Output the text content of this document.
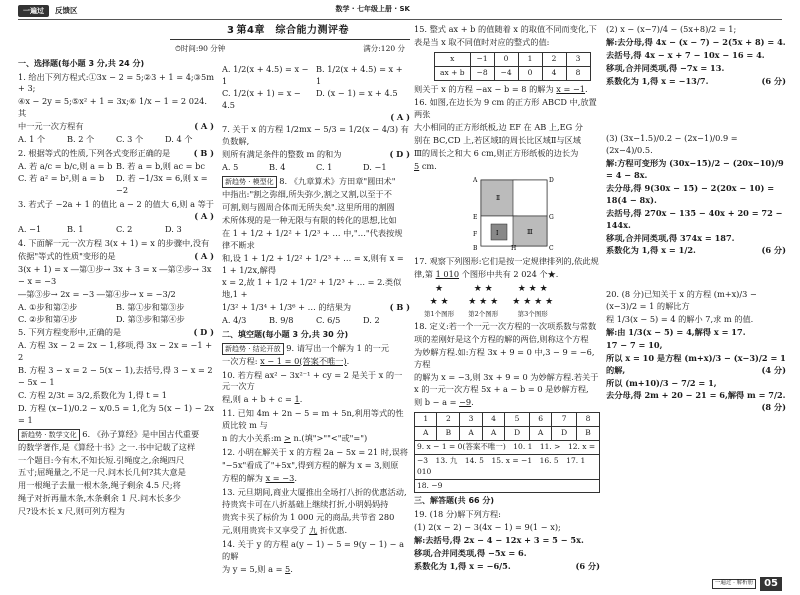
一遍过	反馈区	数学 · 七年级上册 · SK
一、选择题(每小题 3 分,共 24 分)

1. 给出下列方程式:①3x − 2 = 5;②3 + 1 = 4;③5m + 3;

④x − 2y = 5;⑤x² + 1 = 3x;⑥ 1/x − 1 = 2 024. 其

中一元一次方程有	( A )

A. 1 个	B. 2 个	C. 3 个	D. 4 个

2. 根据等式的性质,下列各式变形正确的是	( B )

A. 若 a/c = b/c,则 a = b B. 若 a = b,则 ac = bc
C. 若 a² = b²,则 a = b	D. 若 −1/3x = 6,则 x = −2

3. 若式子 −2a + 1 的值比 a − 2 的值大 6,则 a 等于

( A )

A. −1	B. 1	C. 2	D. 3

4. 下面解一元一次方程 3(x + 1) = x 的步骤中,没有

依据"等式的性质"变形的是	( A )

3(x + 1) = x ―第①步→ 3x + 3 = x ―第②步→ 3x − x = −3

―第③步→ 2x = −3 ―第④步→ x = −3/2

A. ①步和第②步	B. 第①步和第③步
C. ②步和第④步	D. 第③步和第④步

5. 下列方程变形中,正确的是	( D )

A. 方程 3x − 2 = 2x − 1,移项,得 3x − 2x = −1 + 2

B. 方程 3 − x = 2 − 5(x − 1),去括号,得 3 − x = 2 − 5x − 1

C. 方程 2/3t = 3/2,系数化为 1,得 t = 1

D. 方程 (x−1)/0.2 − x/0.5 = 1,化为 5(x − 1) − 2x = 1

新趋势 · 数学文化 6. 《孙子算经》是中国古代重要

的数学著作,是《算经十书》之一.书中记载了这样

一个题目:今有木,不知长短.引绳度之,余绳四尺

五寸;屈绳量之,不足一尺.问木长几何?其大意是

用一根绳子去量一根木条,绳子剩余 4.5 尺;将

绳子对折再量木条,木条剩余 1 尺.问木长多少

尺?设木长 x 尺,则可列方程为

3 第4章　综合能力测评卷
⏱时间:90 分钟	满分:120 分
A. 1/2(x + 4.5) = x − 1
B. 1/2(x + 4.5) = x + 1
C. 1/2(x + 1) = x − 4.5
D. (x − 1) = x + 4.5

( A )

7. 关于 x 的方程 1/2mx − 5/3 = 1/2(x − 4/3) 有负数解,

则所有满足条件的整数 m 的和为	( D )

A. 5	B. 4	C. 1	D. −1

新趋势 · 模型化 8. 《九章算术》方田章"圆田术"

中指出:"割之弥细,所失弥少,割之又割,以至于不

可割,则与圆周合体而无所失矣".这里所用的割圆

术所体现的是一种无限与有限的转化的思想,比如

在 1 + 1/2 + 1/2² + 1/2³ + … 中,"…"代表按规律不断求

和,设 1 + 1/2 + 1/2² + 1/2³ + … = x,则有 x = 1 + 1/2x,解得

x = 2,故 1 + 1/2 + 1/2² + 1/2³ + … = 2.类似地,1 +

1/3² + 1/3⁴ + 1/3⁶ + … 的结果为	( B )

A. 4/3	B. 9/8	C. 6/5	D. 2
二、填空题(每小题 3 分,共 30 分)

新趋势 · 结论开放 9. 请写出一个解为 1 的一元

一次方程: x − 1 = 0(答案不唯一).

10. 若方程 ax² − 3x²⁻¹ + cy = 2 是关于 x 的一元一次方

程,则 a + b + c = 1.

11. 已知 4m + 2n − 5 = m + 5n,利用等式的性质比较 m 与

n 的大小关系:m > n.(填">""<"或"=")

12. 小明在解关于 x 的方程 2a − 5x = 21 时,误将

"−5x"看成了"+5x",得到方程的解为 x = 3,则原

方程的解为 x = −3.

13. 元旦期间,商业大厦推出全场打八折的优惠活动,

持贵宾卡可在八折基础上继续打折,小明妈妈持

贵宾卡买了标价为 1 000 元的商品,共节省 280

元,则用贵宾卡又享受了 九 折优惠.

14. 关于 y 的方程 a(y − 1) − 5 = 9(y − 1) − a 的解

为 y = 5,则 a = 5.

15. 整式 ax + b 的值随着 x 的取值不同而变化,下

表是当 x 取不同值时对应的整式的值:

x	−1	0	1	2	3
ax + b	−8	−4	0	4	8

则关于 x 的方程 −ax − b = 8 的解为 x = −1.

16. 如图,在边长为 9 cm 的正方形 ABCD 中,放置两张

大小相同的正方形纸板,边 EF 在 AB 上,EG 分

别在 BC,CD 上,若区域Ⅰ的周长比区域Ⅱ与区域

Ⅲ的周长之和大 6 cm,则正方形纸板的边长为

5 cm.

A	D
E
F
G
H
B	C
Ⅰ
Ⅱ
Ⅲ

17. 观察下列图形:它们是按一定规律排列的,依此规

律,第 1 010 个图形中共有 2 024 个★.

★
★ ★
第1个图形
★ ★
★ ★ ★
第2个图形
★ ★ ★
★ ★ ★ ★
第3个图形

18. 定义:若一个一元一次方程的一次项系数与常数

项的差刚好是这个方程的解的两倍,则称这个方程

为妙解方程.如:方程 3x + 9 = 0 中,3 − 9 = −6,方程

的解为 x = −3,则 3x + 9 = 0 为妙解方程.若关于

x 的一元一次方程 5x + a − b = 0 是妙解方程,

则 b − a = −9.

1	2	3	4	5	6	7	8
A	B	A	A	D	A	D	B
9. x − 1 = 0(答案不唯一)　10. 1　11. >　12. x =							
−3　13. 九　14. 5　15. x = −1　16. 5　17. 1 010							
18. −9							
三、解答题(共 66 分)

19. (18 分)解下列方程:

(1) 2(x − 2) − 3(4x − 1) = 9(1 − x);

解:去括号,得 2x − 4 − 12x + 3 = 5 − 5x.

移项,合并同类项,得 −5x = 6.

系数化为 1,得 x = −6/5.	(6 分)

(2) x − (x−7)/4 − (5x+8)/2 = 1;

解:去分母,得 4x − (x − 7) − 2(5x + 8) = 4.

去括号,得 4x − x + 7 − 10x − 16 = 4.

移项,合并同类项,得 −7x = 13.

系数化为 1,得 x = −13/7.	(6 分)

(3) (3x−1.5)/0.2 − (2x−1)/0.9 = (2x−4)/0.5.

解:方程可变形为 (30x−15)/2 − (20x−10)/9 = 4 − 8x.

去分母,得 9(30x − 15) − 2(20x − 10) = 18(4 − 8x).

去括号,得 270x − 135 − 40x + 20 = 72 − 144x.

移项,合并同类项,得 374x = 187.

系数化为 1,得 x = 1/2.	(6 分)

20. (8 分)已知关于 x 的方程 (m+x)/3 − (x−3)/2 = 1 的解比方

程 1/3(x − 5) = 4 的解小 7,求 m 的值.

解:由 1/3(x − 5) = 4,解得 x = 17.

17 − 7 = 10,

所以 x = 10 是方程 (m+x)/3 − (x−3)/2 = 1 的解,	(4 分)

所以 (m+10)/3 − 7/2 = 1,

去分母,得 2m + 20 − 21 = 6,解得 m = 7/2.
(8 分)

一遍过 · 解析册	05
